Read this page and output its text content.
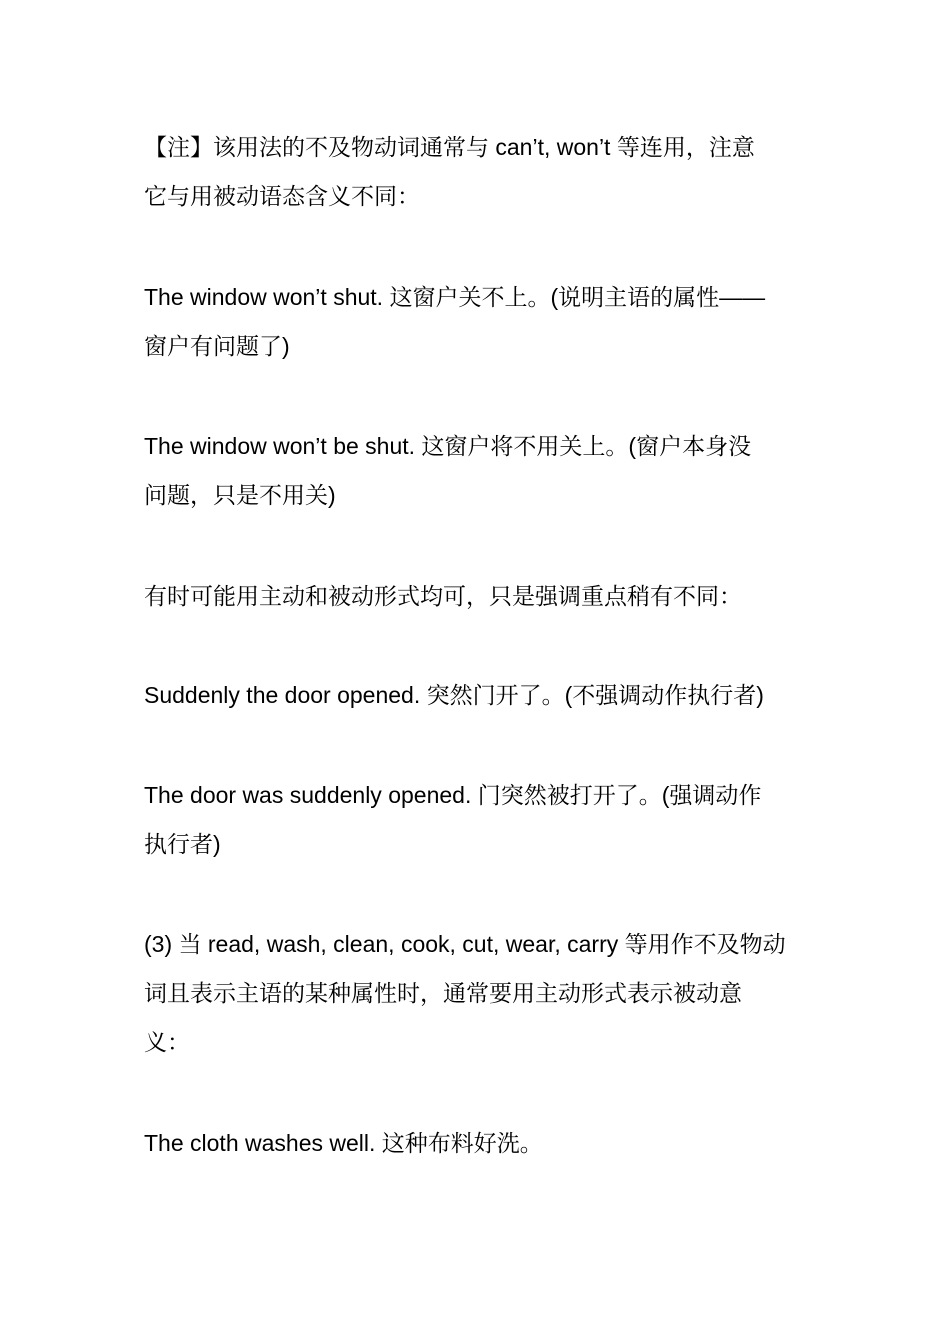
【注】该用法的不及物动词通常与 can’t, won’t 等连用，注意
它与用被动语态含义不同：

The window won’t shut. 这窗户关不上。(说明主语的属性——
窗户有问题了)

The window won’t be shut. 这窗户将不用关上。(窗户本身没
问题，只是不用关)

有时可能用主动和被动形式均可，只是强调重点稍有不同：

Suddenly the door opened. 突然门开了。(不强调动作执行者)

The door was suddenly opened. 门突然被打开了。(强调动作
执行者)

(3) 当 read, wash, clean, cook, cut, wear, carry 等用作不及物动
词且表示主语的某种属性时，通常要用主动形式表示被动意
义：

The cloth washes well. 这种布料好洗。
